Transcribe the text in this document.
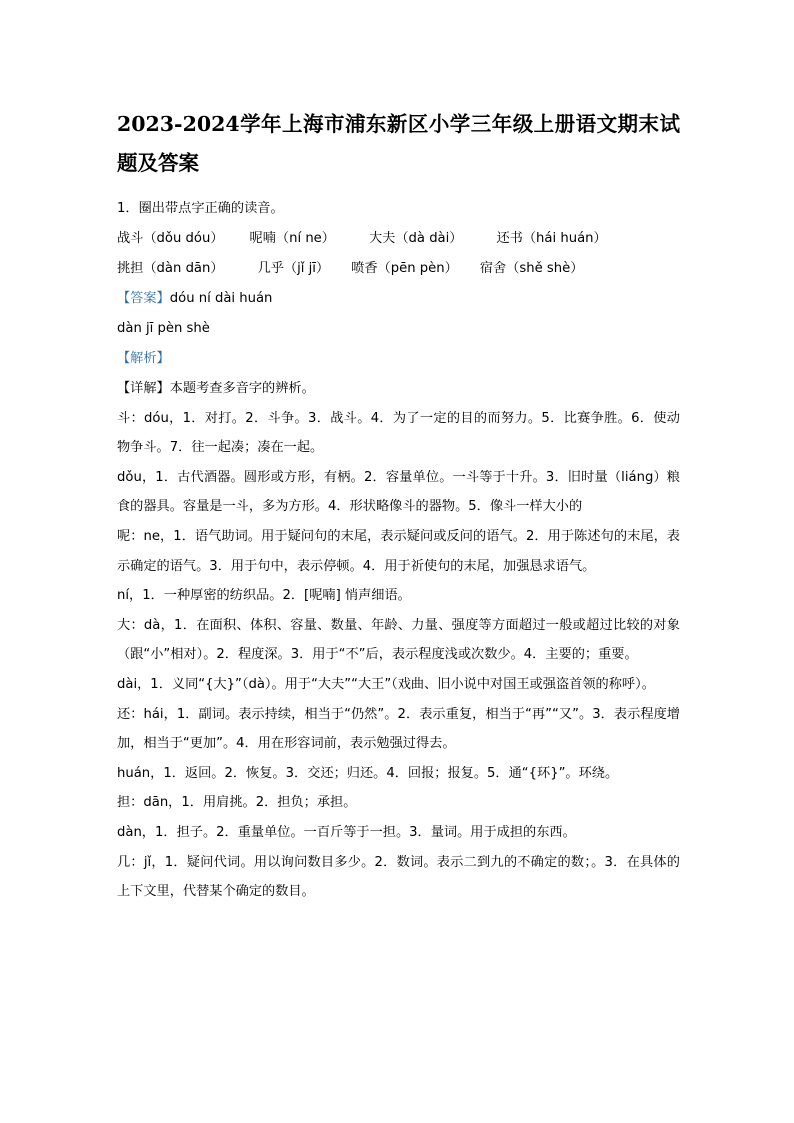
2023-2024学年上海市浦东新区小学三年级上册语文期末试题及答案

1．圈出带点字正确的读音。

战斗（dǒu dóu） 呢喃（ní ne）	大夫（dà dài）	还书（hái huán）

挑担（dàn dān）	几乎（jǐ jī） 喷香（pēn pèn） 宿舍（shě shè）

【答案】dóu ní dài huán

dàn jī pèn shè

【解析】

【详解】本题考查多音字的辨析。

斗：dóu，1．对打。2．斗争。3．战斗。4．为了一定的目的而努力。5．比赛争胜。6．使动物争斗。7．往一起凑；凑在一起。

dǒu，1．古代酒器。圆形或方形，有柄。2．容量单位。一斗等于十升。3．旧时量（liáng）粮食的器具。容量是一斗，多为方形。4．形状略像斗的器物。5．像斗一样大小的

呢：ne，1．语气助词。用于疑问句的末尾，表示疑问或反问的语气。2．用于陈述句的末尾，表示确定的语气。3．用于句中，表示停顿。4．用于祈使句的末尾，加强恳求语气。

ní，1．一种厚密的纺织品。2．[呢喃] 悄声细语。

大：dà，1．在面积、体积、容量、数量、年龄、力量、强度等方面超过一般或超过比较的对象（跟“小”相对）。2．程度深。3．用于“不”后，表示程度浅或次数少。4．主要的；重要。

dài，1．义同“{大}”（dà）。用于“大夫”“大王”（戏曲、旧小说中对国王或强盗首领的称呼）。

还：hái，1．副词。表示持续，相当于“仍然”。2．表示重复，相当于“再”“又”。3．表示程度增加，相当于“更加”。4．用在形容词前，表示勉强过得去。

huán，1．返回。2．恢复。3．交还；归还。4．回报；报复。5．通“{环}”。环绕。

担：dān，1．用肩挑。2．担负；承担。

dàn，1．担子。2．重量单位。一百斤等于一担。3．量词。用于成担的东西。

几：jǐ，1．疑问代词。用以询问数目多少。2．数词。表示二到九的不确定的数；。3．在具体的上下文里，代替某个确定的数目。
